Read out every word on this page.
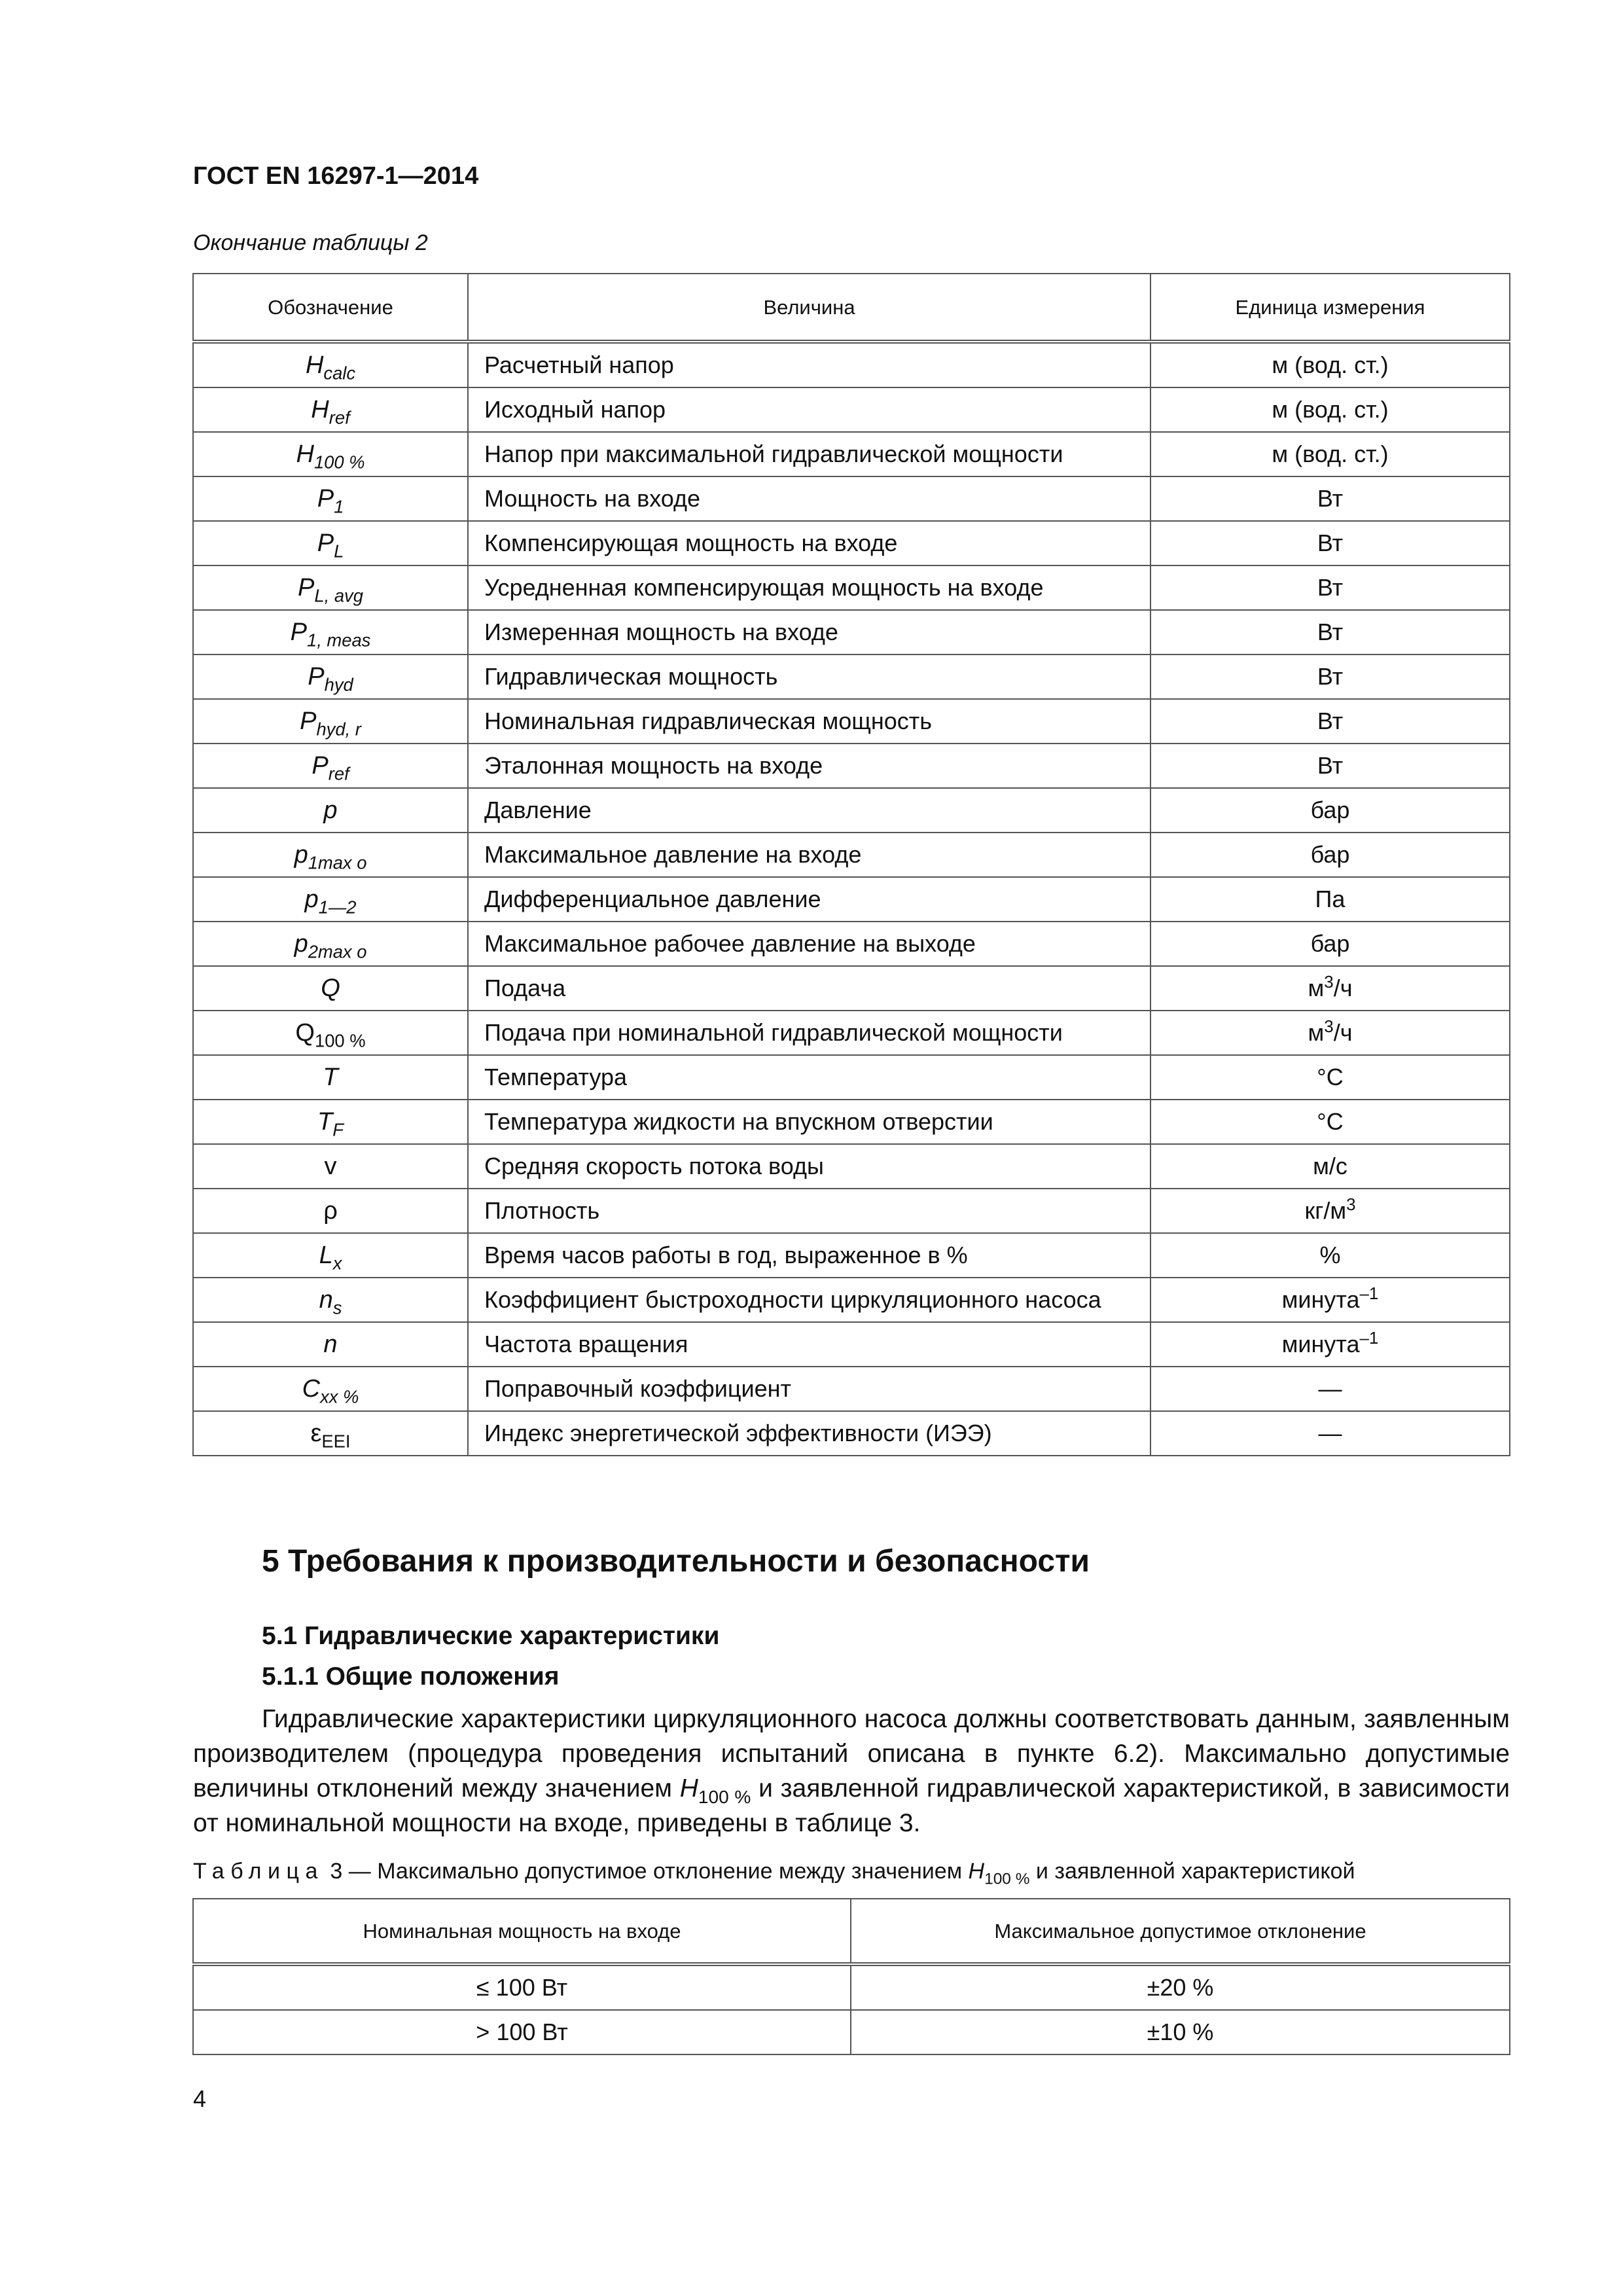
ГОСТ EN 16297-1—2014
Окончание таблицы 2
Обозначение	Величина	Единица измерения
$H_{calc}$	Расчетный напор	м (вод. ст.)
$H_{ref}$	Исходный напор	м (вод. ст.)
$H_{100 \%}$	Напор при максимальной гидравлической мощности	м (вод. ст.)
$P_1$	Мощность на входе	Вт
$P_L$	Компенсирующая мощность на входе	Вт
$P_{L, avg}$	Усредненная компенсирующая мощность на входе	Вт
$P_{1, meas}$	Измеренная мощность на входе	Вт
$P_{hyd}$	Гидравлическая мощность	Вт
$P_{hyd, r}$	Номинальная гидравлическая мощность	Вт
$P_{ref}$	Эталонная мощность на входе	Вт
p	Давление	бар
$p_{1max o}$	Максимальное давление на входе	бар
$p_{1—2}$	Дифференциальное давление	Па
$p_{2max o}$	Максимальное рабочее давление на выходе	бар
Q	Подача	$м^3/ч$
$Q_{100 \%}$	Подача при номинальной гидравлической мощности	$м^3/ч$
T	Температура	°C
$T_F$	Температура жидкости на впускном отверстии	°C
v	Средняя скорость потока воды	м/с
ρ	Плотность	$кг/м^3$
$L_x$	Время часов работы в год, выраженное в %	%
$n_s$	Коэффициент быстроходности циркуляционного насоса	минута$^{-1}$
n	Частота вращения	минута$^{-1}$
$C_{xx \%}$	Поправочный коэффициент	—
$\varepsilon_{EEI}$	Индекс энергетической эффективности (ИЭЭ)	—
5 Требования к производительности и безопасности
5.1 Гидравлические характеристики
5.1.1 Общие положения
Гидравлические характеристики циркуляционного насоса должны соответствовать данным, заявленным производителем (процедура проведения испытаний описана в пункте 6.2). Максимально допустимые величины отклонений между значением $H_{100 \%}$ и заявленной гидравлической характеристикой, в зависимости от номинальной мощности на входе, приведены в таблице 3.
Таблица 3 — Максимально допустимое отклонение между значением $H_{100 \%}$ и заявленной характеристикой
Номинальная мощность на входе	Максимальное допустимое отклонение
≤ 100 Вт	±20 %
> 100 Вт	±10 %
4
